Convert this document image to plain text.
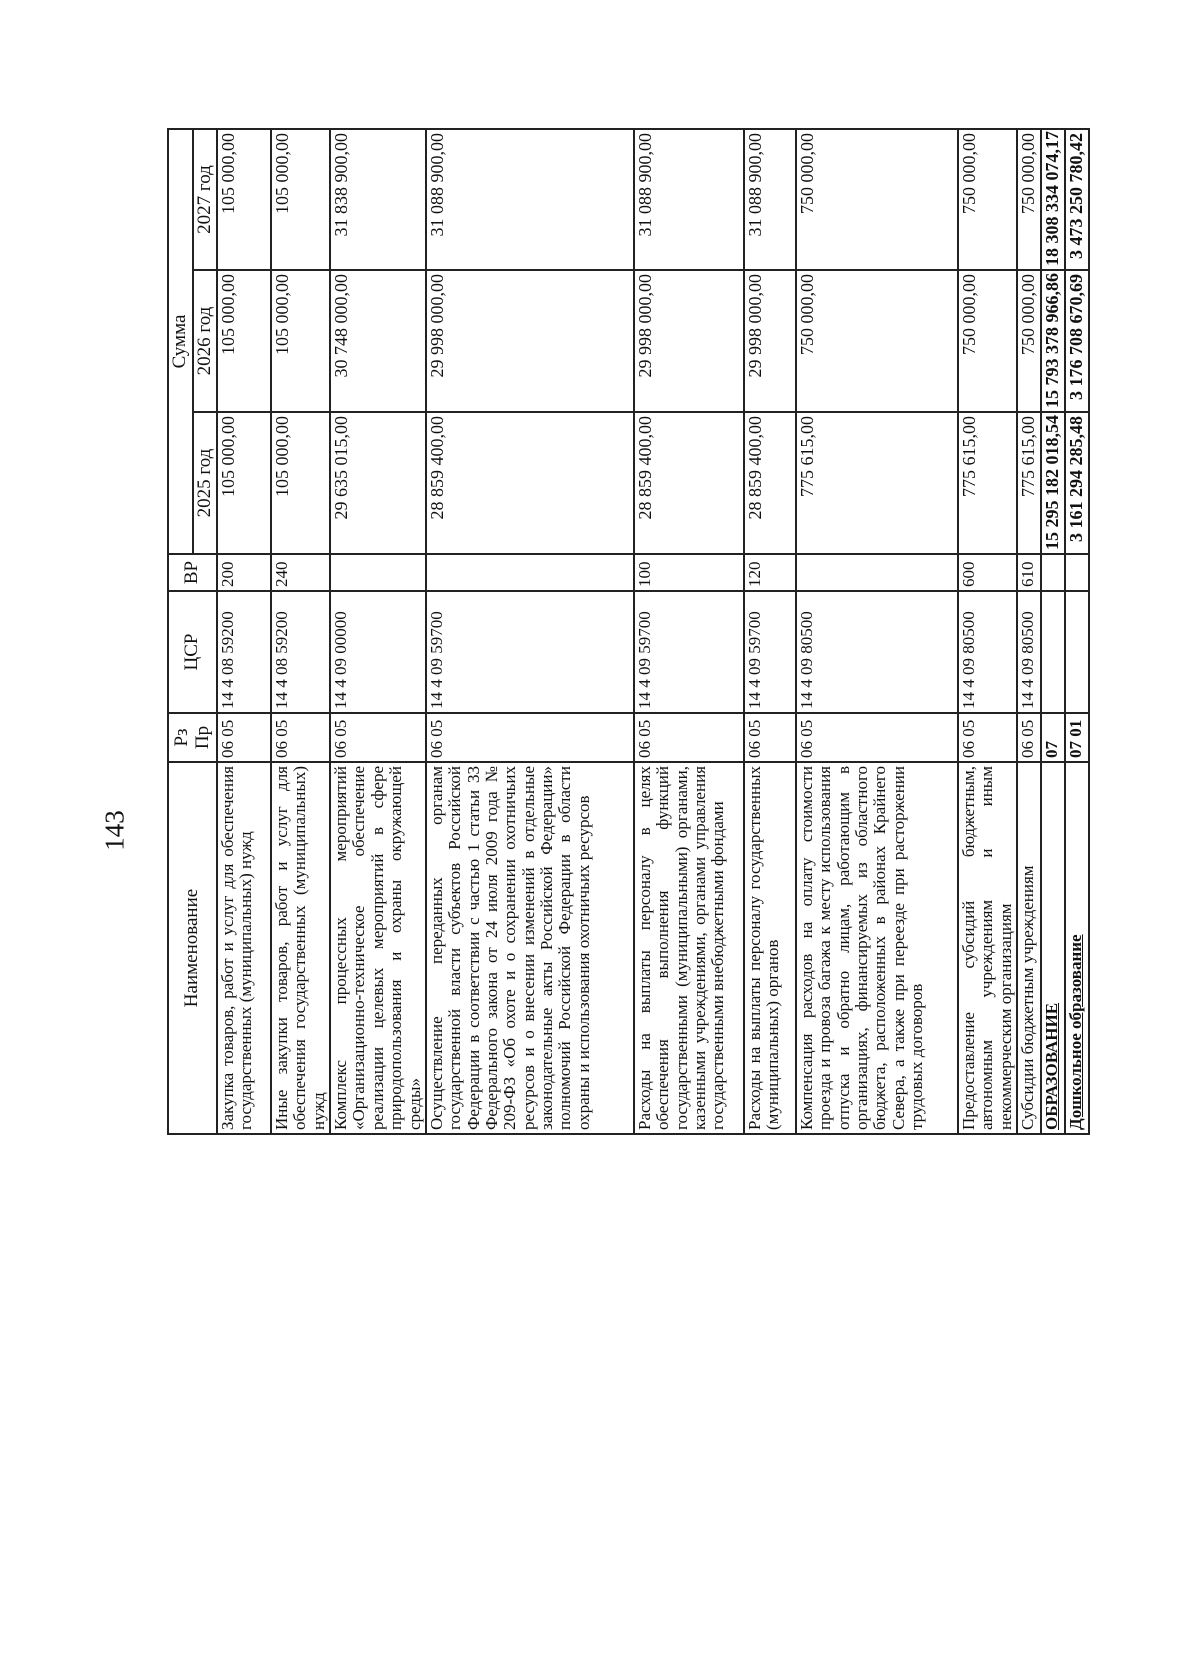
143
Наименование	Рз Пр	ЦСР	ВР	Сумма		
				2025 год	2026 год	2027 год
Закупка товаров, работ и услуг для обеспечения государственных (муниципальных) нужд	06 05	14 4 08 59200	200	105 000,00	105 000,00	105 000,00
Иные закупки товаров, работ и услуг для обеспечения государственных (муниципальных) нужд	06 05	14 4 08 59200	240	105 000,00	105 000,00	105 000,00
Комплекс процессных мероприятий «Организационно-техническое обеспечение реализации целевых мероприятий в сфере природопользования и охраны окружающей среды»	06 05	14 4 09 00000		29 635 015,00	30 748 000,00	31 838 900,00
Осуществление переданных органам государственной власти субъектов Российской Федерации в соответствии с частью 1 статьи 33 Федерального закона от 24 июля 2009 года № 209-ФЗ «Об охоте и о сохранении охотничьих ресурсов и о внесении изменений в отдельные законодательные акты Российской Федерации» полномочий Российской Федерации в области охраны и использования охотничьих ресурсов	06 05	14 4 09 59700		28 859 400,00	29 998 000,00	31 088 900,00
Расходы на выплаты персоналу в целях обеспечения выполнения функций государственными (муниципальными) органами, казенными учреждениями, органами управления государственными внебюджетными фондами	06 05	14 4 09 59700	100	28 859 400,00	29 998 000,00	31 088 900,00
Расходы на выплаты персоналу государственных (муниципальных) органов	06 05	14 4 09 59700	120	28 859 400,00	29 998 000,00	31 088 900,00
Компенсация расходов на оплату стоимости проезда и провоза багажа к месту использования отпуска и обратно лицам, работающим в организациях, финансируемых из областного бюджета, расположенных в районах Крайнего Севера, а также при переезде при расторжении трудовых договоров	06 05	14 4 09 80500		775 615,00	750 000,00	750 000,00
Предоставление субсидий бюджетным, автономным учреждениям и иным некоммерческим организациям	06 05	14 4 09 80500	600	775 615,00	750 000,00	750 000,00
Субсидии бюджетным учреждениям	06 05	14 4 09 80500	610	775 615,00	750 000,00	750 000,00
ОБРАЗОВАНИЕ	07			15 295 182 018,54	15 793 378 966,86	18 308 334 074,17
Дошкольное образование	07 01			3 161 294 285,48	3 176 708 670,69	3 473 250 780,42
